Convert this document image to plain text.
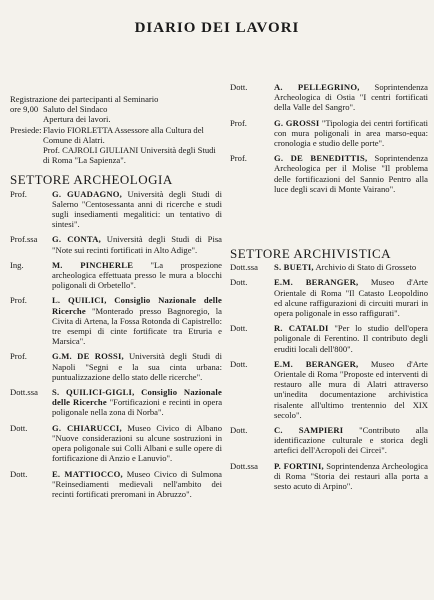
DIARIO DEI LAVORI
Registrazione dei partecipanti al Seminario
ore 9,00 Saluto del Sindaco
Apertura dei lavori.
Presiede: Flavio FIORLETTA Assessore alla Cultura del Comune di Alatri.
Prof. CAJROLI GIULIANI Università degli Studi di Roma "La Sapienza".
SETTORE ARCHEOLOGIA
Prof.	G. GUADAGNO, Università degli Studi di Salerno "Centosessanta anni di ricerche e studi sugli insediamenti megalitici: un tentativo di sintesi".
Prof.ssa	G. CONTA, Università degli Studi di Pisa "Note sui recinti fortificati in Alto Adige".
Ing.	M. PINCHERLE "La prospezione archeologica effettuata presso le mura a blocchi poligonali di Orbetello".
Prof.	L. QUILICI, Consiglio Nazionale delle Ricerche "Monterado presso Bagnoregio, la Civita di Artena, la Fossa Rotonda di Capistrello: tre esempi di cinte fortificate tra Etruria e Marsica".
Prof.	G.M. DE ROSSI, Università degli Studi di Napoli "Segni e la sua cinta urbana: puntualizzazione dello stato delle ricerche".
Dott.ssa	S. QUILICI-GIGLI, Consiglio Nazionale delle Ricerche "Fortificazioni e recinti in opera poligonale nella zona di Norba".
Dott.	G. CHIARUCCI, Museo Civico di Albano "Nuove considerazioni su alcune sostruzioni in opera poligonale sui Colli Albani e sulle opere di fortificazione di Anzio e Lanuvio".
Dott.	E. MATTIOCCO, Museo Civico di Sulmona "Reinsediamenti medievali nell'ambito dei recinti fortificati preromani in Abruzzo".
Dott.	A. PELLEGRINO, Soprintendenza Archeologica di Ostia "I centri fortificati della Valle del Sangro".
Prof.	G. GROSSI "Tipologia dei centri fortificati con mura poligonali in area marso-equa: cronologia e studio delle porte".
Prof.	G. DE BENEDITTIS, Soprintendenza Archeologica per il Molise "Il problema delle fortificazioni del Sannio Pentro alla luce degli scavi di Monte Vairano".
SETTORE ARCHIVISTICA
Dott.ssa	S. BUETI, Archivio di Stato di Grosseto
Dott.	E.M. BERANGER, Museo d'Arte Orientale di Roma "Il Catasto Leopoldino ed alcune raffigurazioni di circuiti murari in opera poligonale in esso raffigurati".
Dott.	R. CATALDI "Per lo studio dell'opera poligonale di Ferentino. Il contributo degli eruditi locali dell'800".
Dott.	E.M. BERANGER, Museo d'Arte Orientale di Roma "Proposte ed interventi di restauro alle mura di Alatri attraverso un'inedita documentazione archivistica risalente all'ultimo trentennio del XIX secolo".
Dott.	C. SAMPIERI "Contributo alla identificazione culturale e storica degli artefici dell'Acropoli dei Circei".
Dott.ssa	P. FORTINI, Soprintendenza Archeologica di Roma "Storia dei restauri alla porta a sesto acuto di Arpino".
